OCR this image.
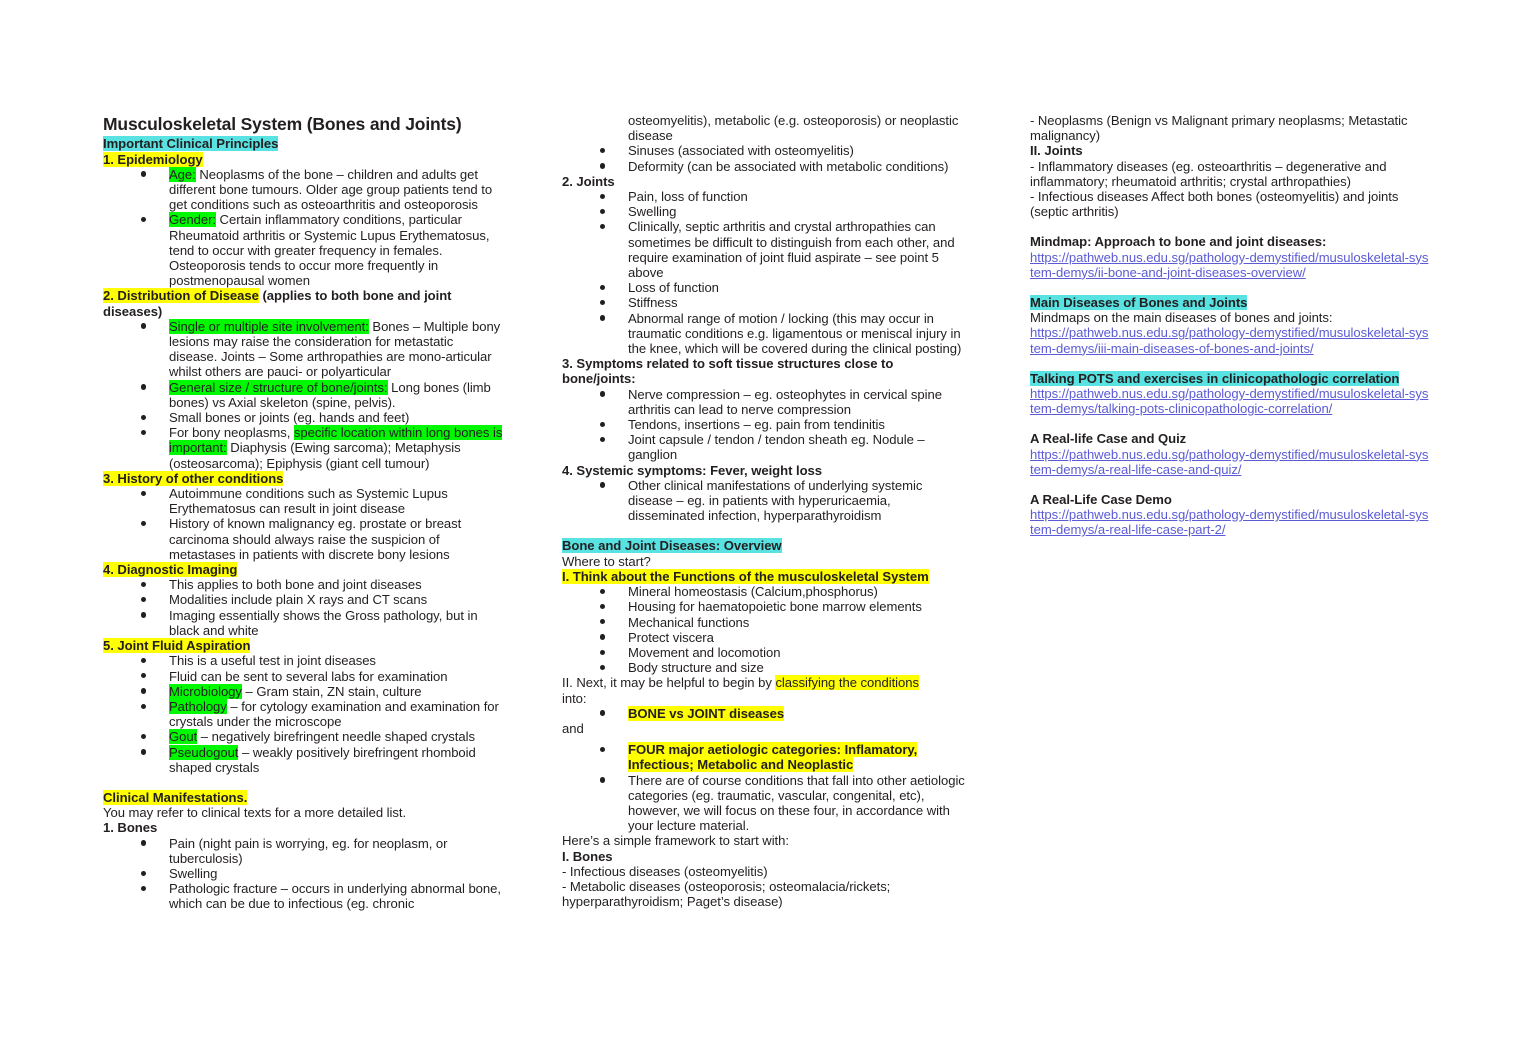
Musculoskeletal System (Bones and Joints)

Important Clinical Principles

1. Epidemiology

Age: Neoplasms of the bone – children and adults get different bone tumours. Older age group patients tend to get conditions such as osteoarthritis and osteoporosis
Gender: Certain inflammatory conditions, particular Rheumatoid arthritis or Systemic Lupus Erythematosus, tend to occur with greater frequency in females. Osteoporosis tends to occur more frequently in postmenopausal women

2. Distribution of Disease (applies to both bone and joint diseases)

Single or multiple site involvement: Bones – Multiple bony lesions may raise the consideration for metastatic disease. Joints – Some arthropathies are mono-articular whilst others are pauci- or polyarticular
General size / structure of bone/joints: Long bones (limb bones) vs Axial skeleton (spine, pelvis).
Small bones or joints (eg. hands and feet)
For bony neoplasms, specific location within long bones is important: Diaphysis (Ewing sarcoma); Metaphysis (osteosarcoma); Epiphysis (giant cell tumour)

3. History of other conditions

Autoimmune conditions such as Systemic Lupus Erythematosus can result in joint disease
History of known malignancy eg. prostate or breast carcinoma should always raise the suspicion of metastases in patients with discrete bony lesions

4. Diagnostic Imaging

This applies to both bone and joint diseases
Modalities include plain X rays and CT scans
Imaging essentially shows the Gross pathology, but in black and white

5. Joint Fluid Aspiration

This is a useful test in joint diseases
Fluid can be sent to several labs for examination
Microbiology – Gram stain, ZN stain, culture
Pathology – for cytology examination and examination for crystals under the microscope
Gout – negatively birefringent needle shaped crystals
Pseudogout – weakly positively birefringent rhomboid shaped crystals

Clinical Manifestations.

You may refer to clinical texts for a more detailed list.

1. Bones

Pain (night pain is worrying, eg. for neoplasm, or tuberculosis)
Swelling
Pathologic fracture – occurs in underlying abnormal bone, which can be due to infectious (eg. chronic
osteomyelitis), metabolic (e.g. osteoporosis) or neoplastic disease
Sinuses (associated with osteomyelitis)
Deformity (can be associated with metabolic conditions)

2. Joints

Pain, loss of function
Swelling
Clinically, septic arthritis and crystal arthropathies can sometimes be difficult to distinguish from each other, and require examination of joint fluid aspirate – see point 5 above
Loss of function
Stiffness
Abnormal range of motion / locking (this may occur in traumatic conditions e.g. ligamentous or meniscal injury in the knee, which will be covered during the clinical posting)

3. Symptoms related to soft tissue structures close to bone/joints:

Nerve compression – eg. osteophytes in cervical spine arthritis can lead to nerve compression
Tendons, insertions – eg. pain from tendinitis
Joint capsule / tendon / tendon sheath eg. Nodule – ganglion

4. Systemic symptoms: Fever, weight loss

Other clinical manifestations of underlying systemic disease – eg. in patients with hyperuricaemia, disseminated infection, hyperparathyroidism

Bone and Joint Diseases: Overview

Where to start?

I. Think about the Functions of the musculoskeletal System

Mineral homeostasis (Calcium,phosphorus)
Housing for haematopoietic bone marrow elements
Mechanical functions
Protect viscera
Movement and locomotion
Body structure and size

II. Next, it may be helpful to begin by classifying the conditions

into:

BONE vs JOINT diseases

and

FOUR major aetiologic categories: Inflamatory, Infectious; Metabolic and Neoplastic
There are of course conditions that fall into other aetiologic categories (eg. traumatic, vascular, congenital, etc), however, we will focus on these four, in accordance with your lecture material.

Here’s a simple framework to start with:

I. Bones

- Infectious diseases (osteomyelitis)

- Metabolic diseases (osteoporosis; osteomalacia/rickets; hyperparathyroidism; Paget’s disease)

- Neoplasms (Benign vs Malignant primary neoplasms; Metastatic malignancy)

II. Joints

- Inflammatory diseases (eg. osteoarthritis – degenerative and inflammatory; rheumatoid arthritis; crystal arthropathies)

- Infectious diseases Affect both bones (osteomyelitis) and joints (septic arthritis)

Mindmap: Approach to bone and joint diseases:

https://pathweb.nus.edu.sg/pathology-demystified/musuloskeletal-system-demys/ii-bone-and-joint-diseases-overview/

Main Diseases of Bones and Joints

Mindmaps on the main diseases of bones and joints:

https://pathweb.nus.edu.sg/pathology-demystified/musuloskeletal-system-demys/iii-main-diseases-of-bones-and-joints/

Talking POTS and exercises in clinicopathologic correlation

https://pathweb.nus.edu.sg/pathology-demystified/musuloskeletal-system-demys/talking-pots-clinicopathologic-correlation/

A Real-life Case and Quiz

https://pathweb.nus.edu.sg/pathology-demystified/musuloskeletal-system-demys/a-real-life-case-and-quiz/

A Real-Life Case Demo

https://pathweb.nus.edu.sg/pathology-demystified/musuloskeletal-system-demys/a-real-life-case-part-2/
